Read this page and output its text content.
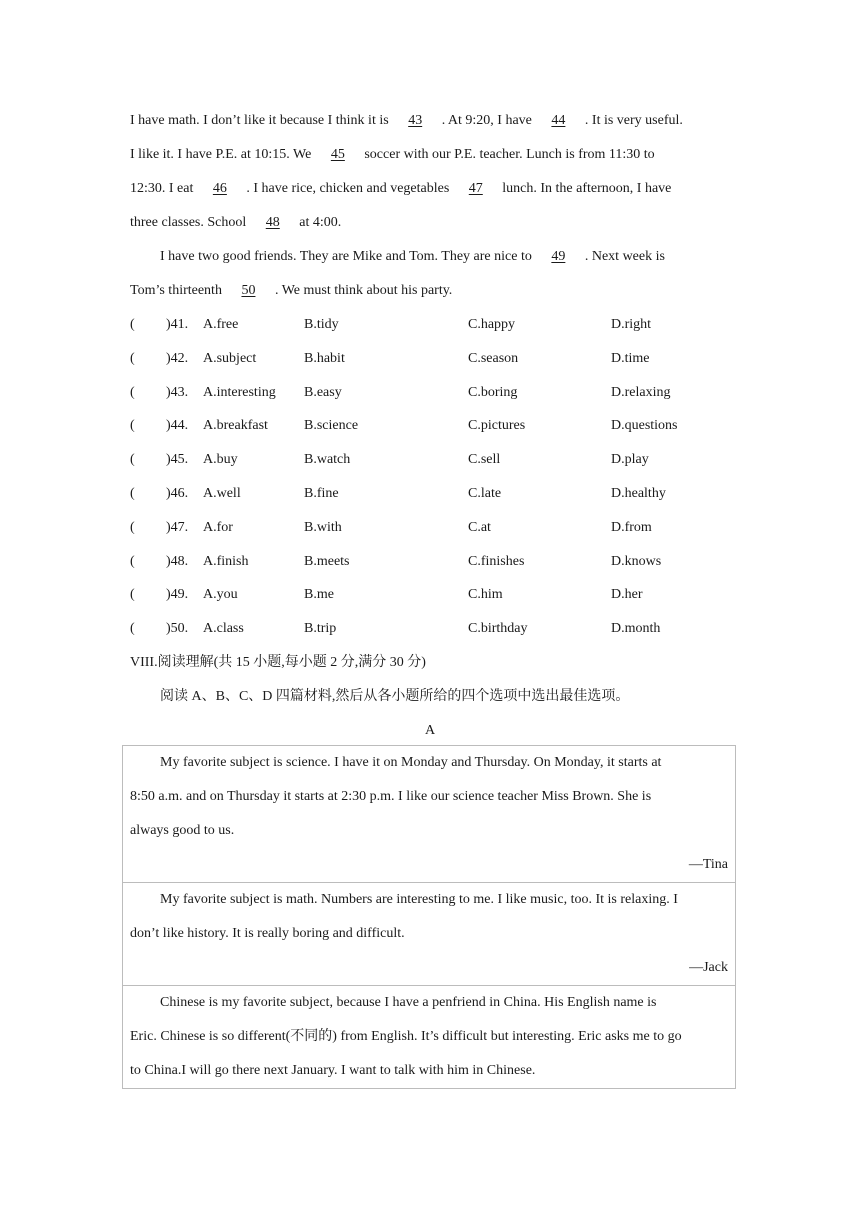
I have math. I don’t like it because I think it is 43 . At 9:20, I have 44 . It is very useful.
I like it. I have P.E. at 10:15. We 45 soccer with our P.E. teacher. Lunch is from 11:30 to
12:30. I eat 46 . I have rice, chicken and vegetables 47 lunch. In the afternoon, I have
three classes. School 48 at 4:00.
I have two good friends. They are Mike and Tom. They are nice to 49 . Next week is
Tom’s thirteenth 50 . We must think about his party.
( )41. A.free	B.tidy	C.happy	D.right
( )42. A.subject	B.habit	C.season	D.time
( )43. A.interesting B.easy	C.boring	D.relaxing
( )44. A.breakfast	B.science	C.pictures	D.questions
( )45. A.buy	B.watch	C.sell	D.play
( )46. A.well	B.fine	C.late	D.healthy
( )47. A.for	B.with	C.at	D.from
( )48. A.finish	B.meets	C.finishes	D.knows
( )49. A.you	B.me	C.him	D.her
( )50. A.class	B.trip	C.birthday	D.month
VIII.阅读理解(共 15 小题,每小题 2 分,满分 30 分)
阅读 A、B、C、D 四篇材料,然后从各小题所给的四个选项中选出最佳选项。
A
My favorite subject is science. I have it on Monday and Thursday. On Monday, it starts at
8:50 a.m. and on Thursday it starts at 2:30 p.m. I like our science teacher Miss Brown. She is
always good to us.
—Tina
My favorite subject is math. Numbers are interesting to me. I like music, too. It is relaxing. I
don’t like history. It is really boring and difficult.
—Jack
Chinese is my favorite subject, because I have a penfriend in China. His English name is
Eric. Chinese is so different(不同的) from English. It’s difficult but interesting. Eric asks me to go
to China.I will go there next January. I want to talk with him in Chinese.
